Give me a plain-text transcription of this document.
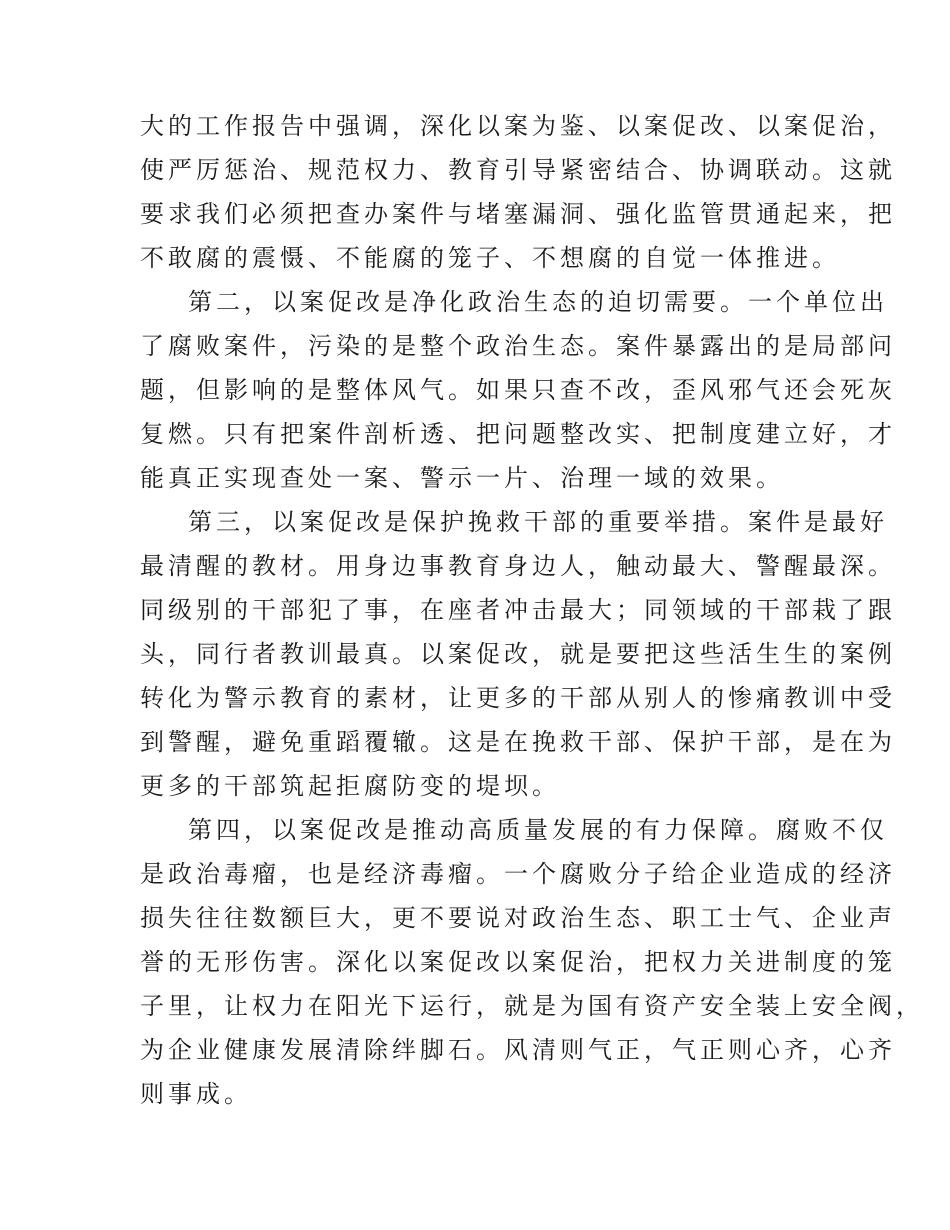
大的工作报告中强调，深化以案为鉴、以案促改、以案促治，
使严厉惩治、规范权力、教育引导紧密结合、协调联动。这就
要求我们必须把查办案件与堵塞漏洞、强化监管贯通起来，把
不敢腐的震慑、不能腐的笼子、不想腐的自觉一体推进。
第二，以案促改是净化政治生态的迫切需要。一个单位出
了腐败案件，污染的是整个政治生态。案件暴露出的是局部问
题，但影响的是整体风气。如果只查不改，歪风邪气还会死灰
复燃。只有把案件剖析透、把问题整改实、把制度建立好，才
能真正实现查处一案、警示一片、治理一域的效果。
第三，以案促改是保护挽救干部的重要举措。案件是最好
最清醒的教材。用身边事教育身边人，触动最大、警醒最深。
同级别的干部犯了事，在座者冲击最大；同领域的干部栽了跟
头，同行者教训最真。以案促改，就是要把这些活生生的案例
转化为警示教育的素材，让更多的干部从别人的惨痛教训中受
到警醒，避免重蹈覆辙。这是在挽救干部、保护干部，是在为
更多的干部筑起拒腐防变的堤坝。
第四，以案促改是推动高质量发展的有力保障。腐败不仅
是政治毒瘤，也是经济毒瘤。一个腐败分子给企业造成的经济
损失往往数额巨大，更不要说对政治生态、职工士气、企业声
誉的无形伤害。深化以案促改以案促治，把权力关进制度的笼
子里，让权力在阳光下运行，就是为国有资产安全装上安全阀，
为企业健康发展清除绊脚石。风清则气正，气正则心齐，心齐
则事成。
